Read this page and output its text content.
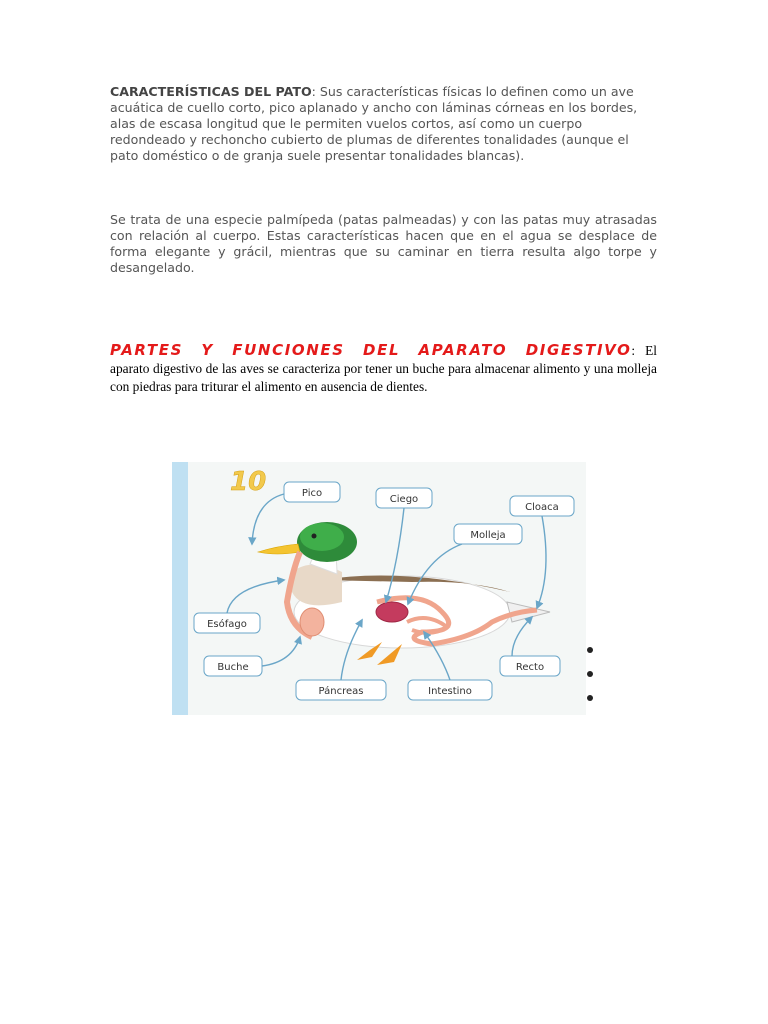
CARACTERÍSTICAS DEL PATO: Sus características físicas lo definen como un ave acuática de cuello corto, pico aplanado y ancho con láminas córneas en los bordes, alas de escasa longitud que le permiten vuelos cortos, así como un cuerpo redondeado y rechoncho cubierto de plumas de diferentes tonalidades (aunque el pato doméstico o de granja suele presentar tonalidades blancas).

Se trata de una especie palmípeda (patas palmeadas) y con las patas muy atrasadas con relación al cuerpo. Estas características hacen que en el agua se desplace de forma elegante y grácil, mientras que su caminar en tierra resulta algo torpe y desangelado.

PARTES Y FUNCIONES DEL APARATO DIGESTIVO: El aparato digestivo de las aves se caracteriza por tener un buche para almacenar alimento y una molleja con piedras para triturar el alimento en ausencia de dientes.

10	Pico
Ciego
Cloaca
Molleja
Esófago
Buche
Páncreas	Intestino
Recto
